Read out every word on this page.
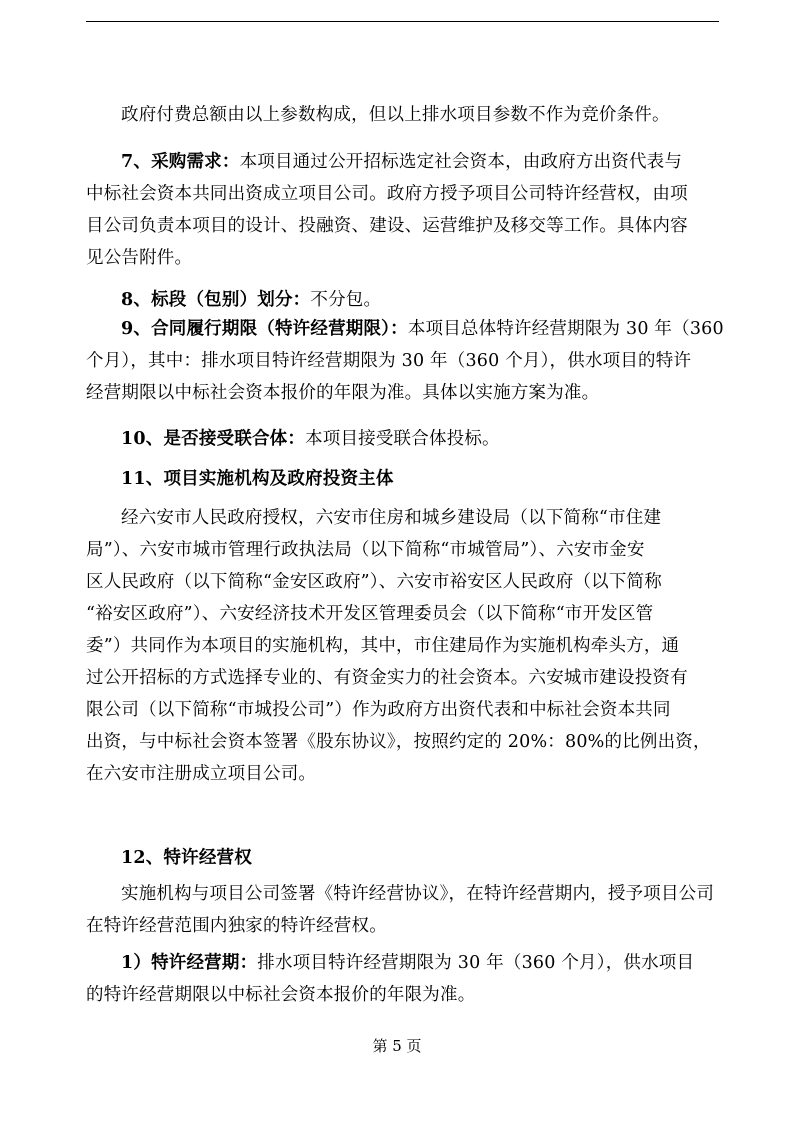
政府付费总额由以上参数构成，但以上排水项目参数不作为竞价条件。
7、采购需求：本项目通过公开招标选定社会资本，由政府方出资代表与
中标社会资本共同出资成立项目公司。政府方授予项目公司特许经营权，由项
目公司负责本项目的设计、投融资、建设、运营维护及移交等工作。具体内容
见公告附件。
8、标段（包别）划分：不分包。
9、合同履行期限（特许经营期限）：本项目总体特许经营期限为 30 年（360
个月），其中：排水项目特许经营期限为 30 年（360 个月），供水项目的特许
经营期限以中标社会资本报价的年限为准。具体以实施方案为准。
10、是否接受联合体：本项目接受联合体投标。
11、项目实施机构及政府投资主体
经六安市人民政府授权，六安市住房和城乡建设局（以下简称“市住建
局”）、六安市城市管理行政执法局（以下简称“市城管局”）、六安市金安
区人民政府（以下简称“金安区政府”）、六安市裕安区人民政府（以下简称
“裕安区政府”）、六安经济技术开发区管理委员会（以下简称“市开发区管
委”）共同作为本项目的实施机构，其中，市住建局作为实施机构牵头方，通
过公开招标的方式选择专业的、有资金实力的社会资本。六安城市建设投资有
限公司（以下简称“市城投公司”）作为政府方出资代表和中标社会资本共同
出资，与中标社会资本签署《股东协议》，按照约定的 20%：80%的比例出资，
在六安市注册成立项目公司。
12、特许经营权
实施机构与项目公司签署《特许经营协议》，在特许经营期内，授予项目公司
在特许经营范围内独家的特许经营权。
1）特许经营期：排水项目特许经营期限为 30 年（360 个月），供水项目
的特许经营期限以中标社会资本报价的年限为准。
第 5 页
